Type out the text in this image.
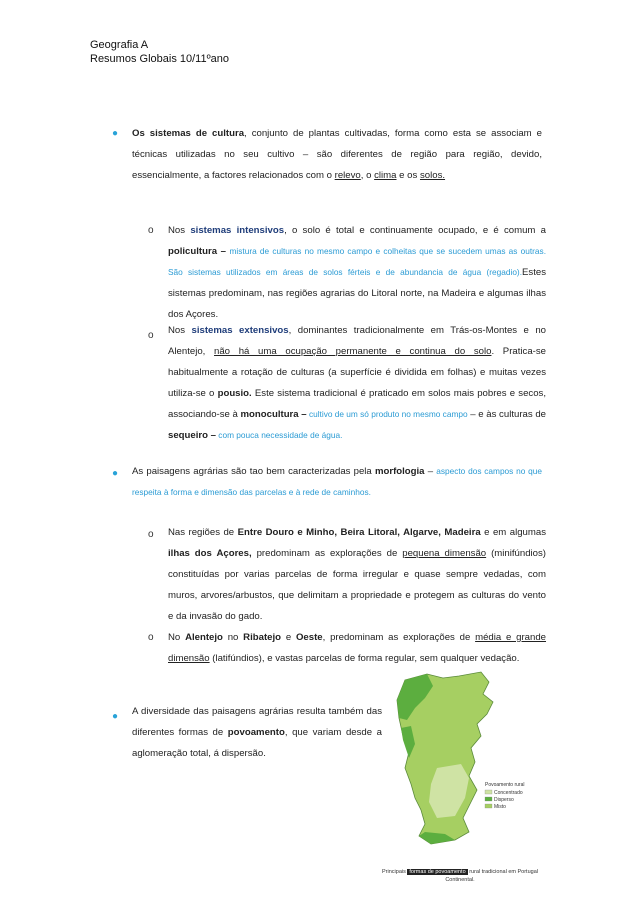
Geografia A
Resumos Globais 10/11ºano
● Os sistemas de cultura, conjunto de plantas cultivadas, forma como esta se associam e técnicas utilizadas no seu cultivo – são diferentes de região para região, devido, essencialmente, a factores relacionados com o relevo, o clima e os solos.
o Nos sistemas intensivos, o solo é total e continuamente ocupado, e é comum a policultura – mistura de culturas no mesmo campo e colheitas que se sucedem umas as outras. São sistemas utilizados em áreas de solos férteis e de abundancia de água (regadio).Estes sistemas predominam, nas regiões agrarias do Litoral norte, na Madeira e algumas ilhas dos Açores.
o Nos sistemas extensivos, dominantes tradicionalmente em Trás-os-Montes e no Alentejo, não há uma ocupação permanente e continua do solo. Pratica-se habitualmente a rotação de culturas (a superfície é dividida em folhas) e muitas vezes utiliza-se o pousio. Este sistema tradicional é praticado em solos mais pobres e secos, associando-se à monocultura – cultivo de um só produto no mesmo campo – e às culturas de sequeiro – com pouca necessidade de água.
● As paisagens agrárias são tao bem caracterizadas pela morfologia – aspecto dos campos no que respeita à forma e dimensão das parcelas e à rede de caminhos.
o Nas regiões de Entre Douro e Minho, Beira Litoral, Algarve, Madeira e em algumas ilhas dos Açores, predominam as explorações de pequena dimensão (minifúndios) constituídas por varias parcelas de forma irregular e quase sempre vedadas, com muros, arvores/arbustos, que delimitam a propriedade e protegem as culturas do vento e da invasão do gado.
o No Alentejo no Ribatejo e Oeste, predominam as explorações de média e grande dimensão (latifúndios), e vastas parcelas de forma regular, sem qualquer vedação.
● A diversidade das paisagens agrárias resulta também das diferentes formas de povoamento, que variam desde a aglomeração total, á dispersão.
Povoamento rural
Concentrado
Disperso
Misto
Principais formas de povoamento rural tradicional em Portugal Continental.
